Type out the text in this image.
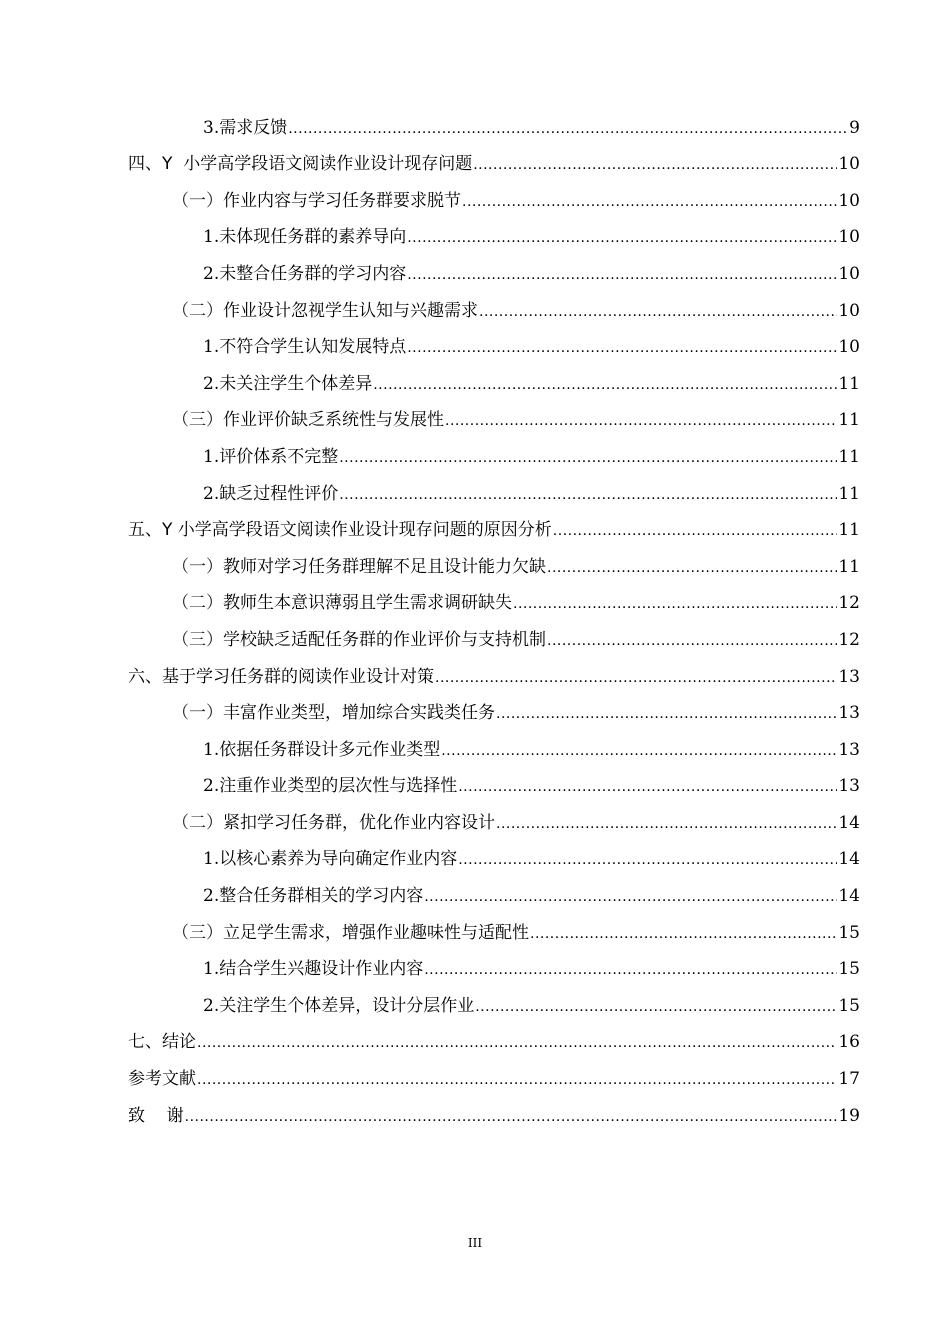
3. 需求反馈 .....	9
四、 Y  小学高学段语文阅读作业设计现存问题 .....	10
（一） 作业内容与学习任务群要求脱节 .....	10
1. 未体现任务群的素养导向 .....	10
2. 未整合任务群的学习内容 .....	10
（二） 作业设计忽视学生认知与兴趣需求 .....	10
1. 不符合学生认知发展特点 .....	10
2. 未关注学生个体差异 .....	11
（三） 作业评价缺乏系统性与发展性 .....	11
1. 评价体系不完整 .....	11
2. 缺乏过程性评价 .....	11
五、 Y 小学高学段语文阅读作业设计现存问题的原因分析 .....	11
（一） 教师对学习任务群理解不足且设计能力欠缺 .....	11
（二） 教师生本意识薄弱且学生需求调研缺失 .....	12
（三） 学校缺乏适配任务群的作业评价与支持机制 .....	12
六、 基于学习任务群的阅读作业设计对策 .....	13
（一） 丰富作业类型，增加综合实践类任务 .....	13
1. 依据任务群设计多元作业类型 .....	13
2. 注重作业类型的层次性与选择性 .....	13
（二） 紧扣学习任务群，优化作业内容设计 .....	14
1. 以核心素养为导向确定作业内容 .....	14
2. 整合任务群相关的学习内容 .....	14
（三） 立足学生需求，增强作业趣味性与适配性 .....	15
1. 结合学生兴趣设计作业内容 .....	15
2. 关注学生个体差异，设计分层作业 .....	15
七、 结论 .....	16
参考文献 .....	17
致    谢 .....	19
III
